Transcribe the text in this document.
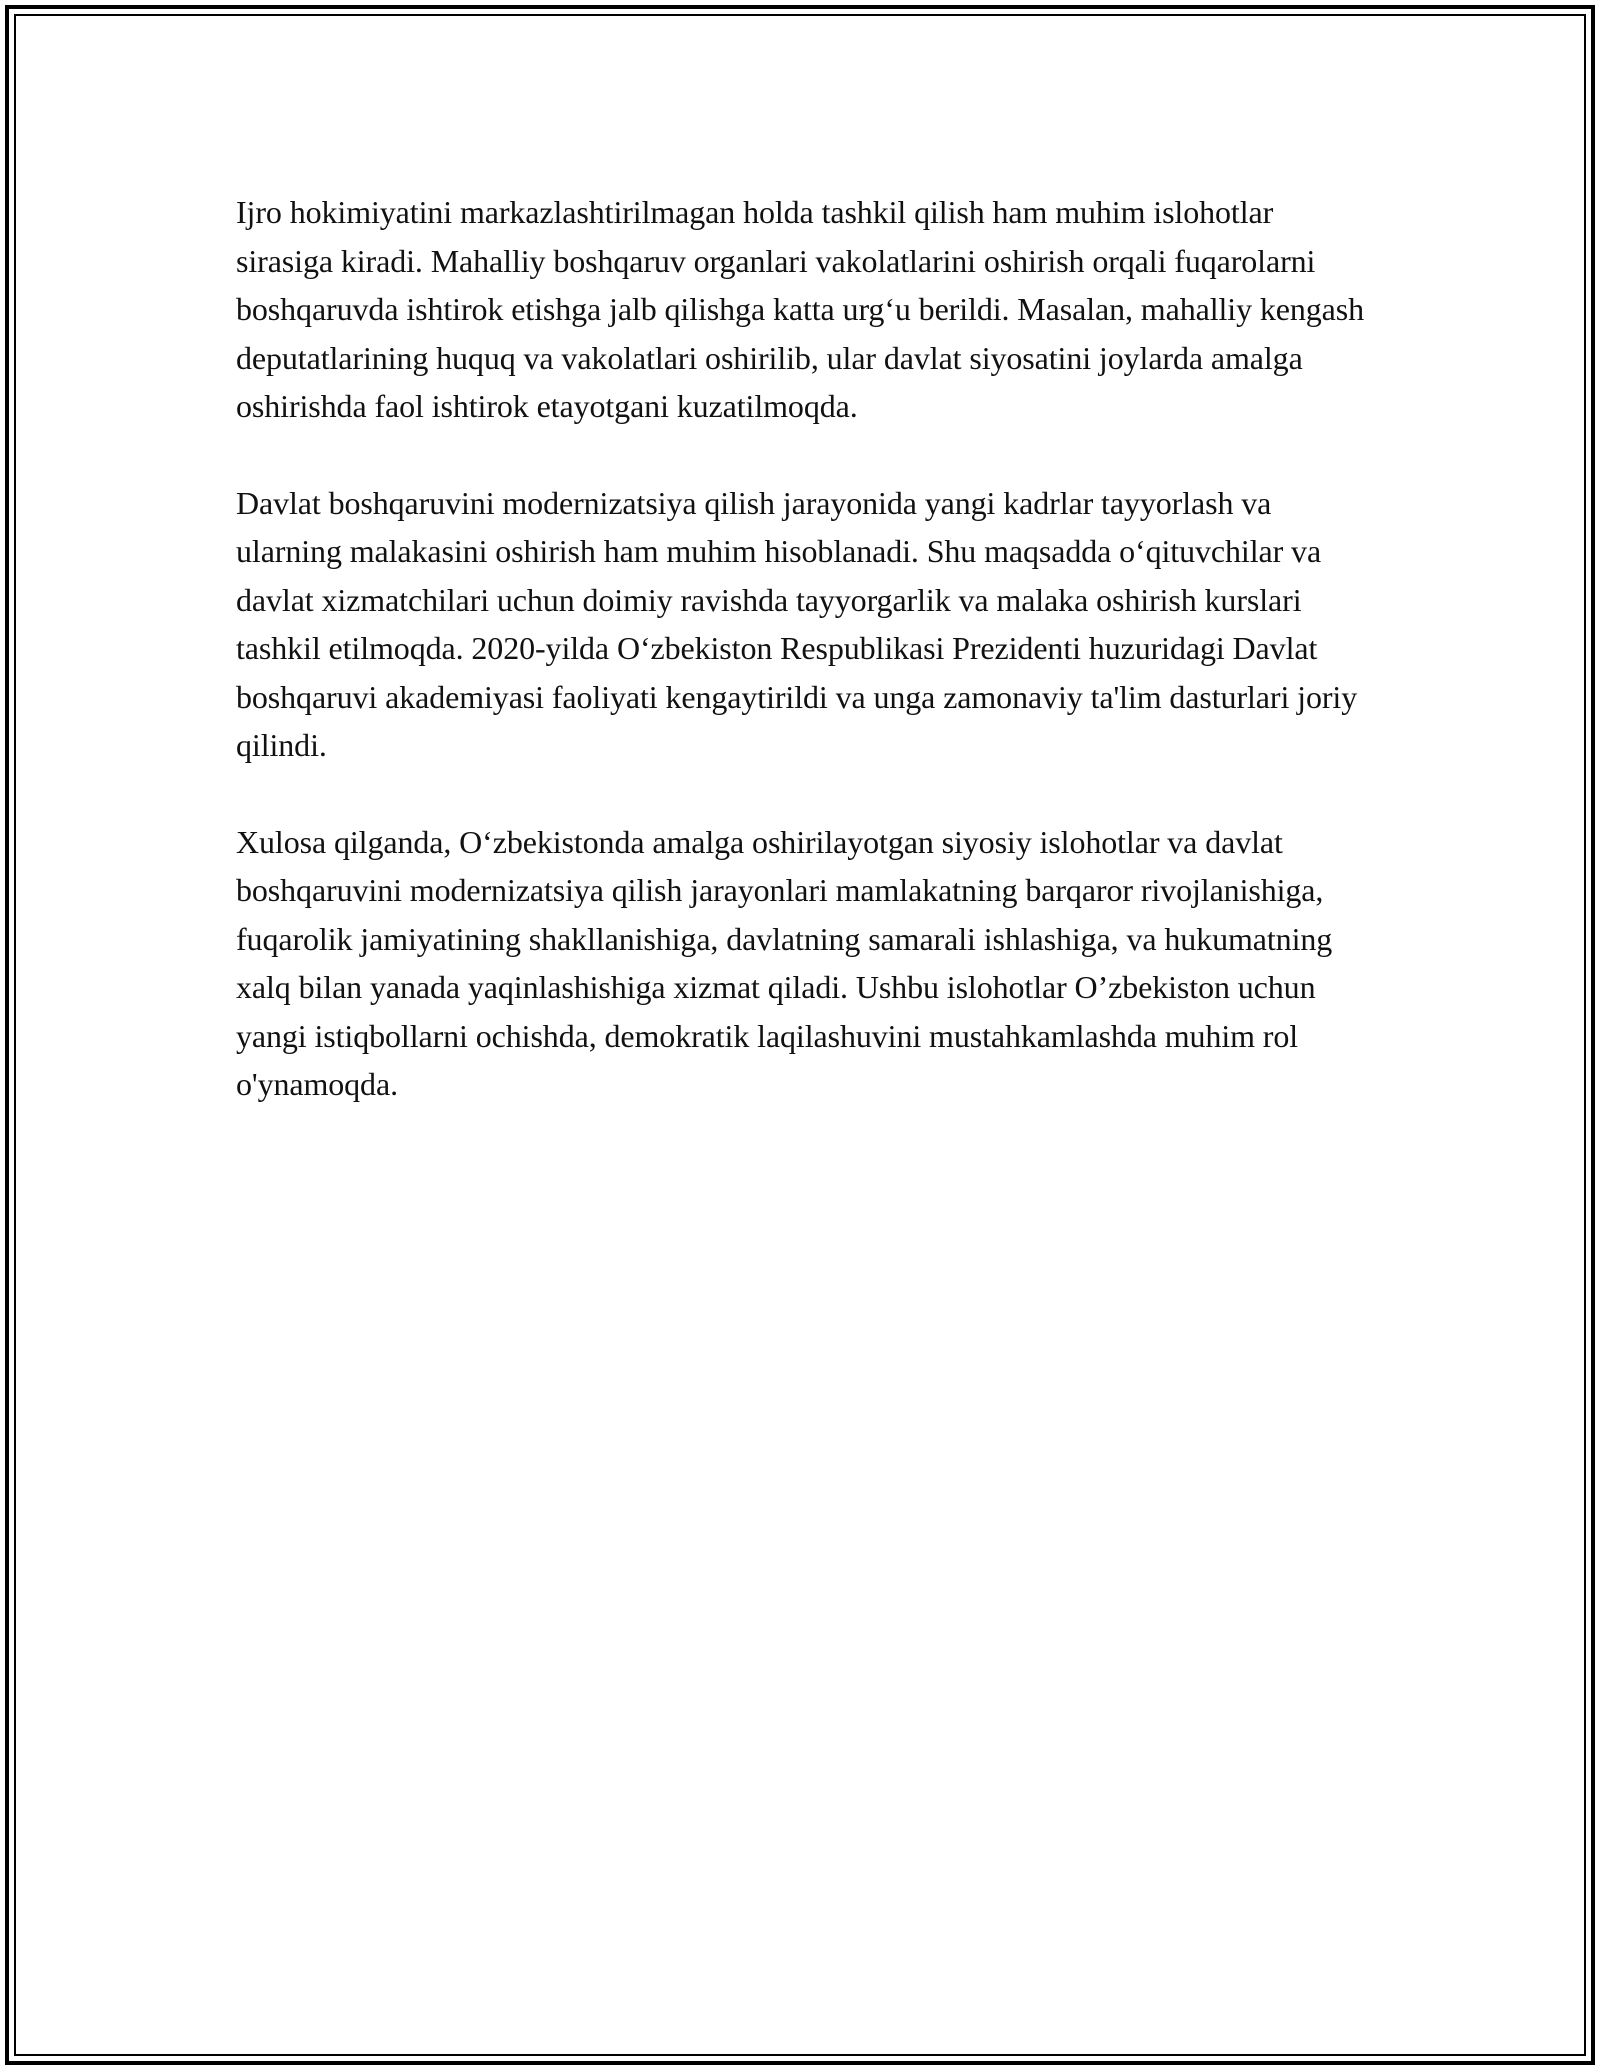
Ijro hokimiyatini markazlashtirilmagan holda tashkil qilish ham muhim islohotlar sirasiga kiradi. Mahalliy boshqaruv organlari vakolatlarini oshirish orqali fuqarolarni boshqaruvda ishtirok etishga jalb qilishga katta urg‘u berildi. Masalan, mahalliy kengash deputatlarining huquq va vakolatlari oshirilib, ular davlat siyosatini joylarda amalga oshirishda faol ishtirok etayotgani kuzatilmoqda.

Davlat boshqaruvini modernizatsiya qilish jarayonida yangi kadrlar tayyorlash va ularning malakasini oshirish ham muhim hisoblanadi. Shu maqsadda o‘qituvchilar va davlat xizmatchilari uchun doimiy ravishda tayyorgarlik va malaka oshirish kurslari tashkil etilmoqda. 2020-yilda O‘zbekiston Respublikasi Prezidenti huzuridagi Davlat boshqaruvi akademiyasi faoliyati kengaytirildi va unga zamonaviy ta'lim dasturlari joriy qilindi.

Xulosa qilganda, O‘zbekistonda amalga oshirilayotgan siyosiy islohotlar va davlat boshqaruvini modernizatsiya qilish jarayonlari mamlakatning barqaror rivojlanishiga, fuqarolik jamiyatining shakllanishiga, davlatning samarali ishlashiga, va hukumatning xalq bilan yanada yaqinlashishiga xizmat qiladi. Ushbu islohotlar O’zbekiston uchun yangi istiqbollarni ochishda, demokratik laqilashuvini mustahkamlashda muhim rol o'ynamoqda.
